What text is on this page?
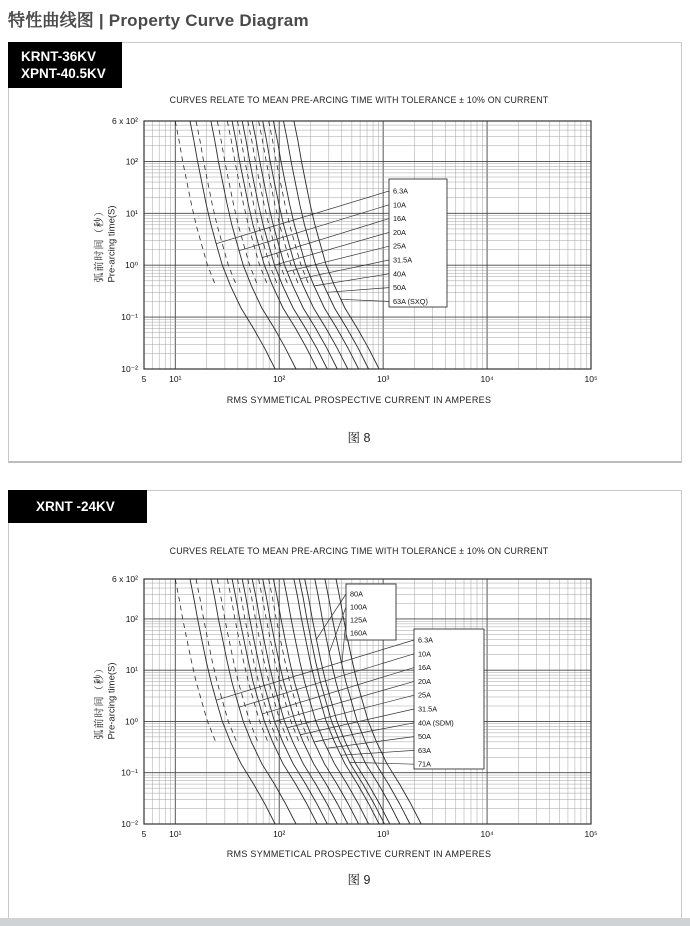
特性曲线图 | Property Curve Diagram
KRNT-36KV
XPNT-40.5KV
CURVES RELATE TO MEAN PRE-ARCING TIME WITH TOLERANCE ± 10% ON CURRENT
弧前时间（秒） Pre-arcing time(S)
6.3A
10A
16A
20A
25A
31.5A
40A
50A
63A (SXQ)
5	10¹	10²	10³	10⁴	10⁵
6 x 10²
10²
10¹
10⁰
10⁻¹
10⁻²
RMS SYMMETICAL PROSPECTIVE CURRENT IN AMPERES
图 8
XRNT -24KV
CURVES RELATE TO MEAN PRE-ARCING TIME WITH TOLERANCE ± 10% ON CURRENT
弧前时间（秒） Pre-arcing time(S)
80A
100A
125A
160A
6.3A
10A
16A
20A
25A
31.5A
40A (SDM)
50A
63A
71A
5	10¹	10²	10³	10⁴	10⁵
6 x 10²
10²
10¹
10⁰
10⁻¹
10⁻²
RMS SYMMETICAL PROSPECTIVE CURRENT IN AMPERES
图 9
